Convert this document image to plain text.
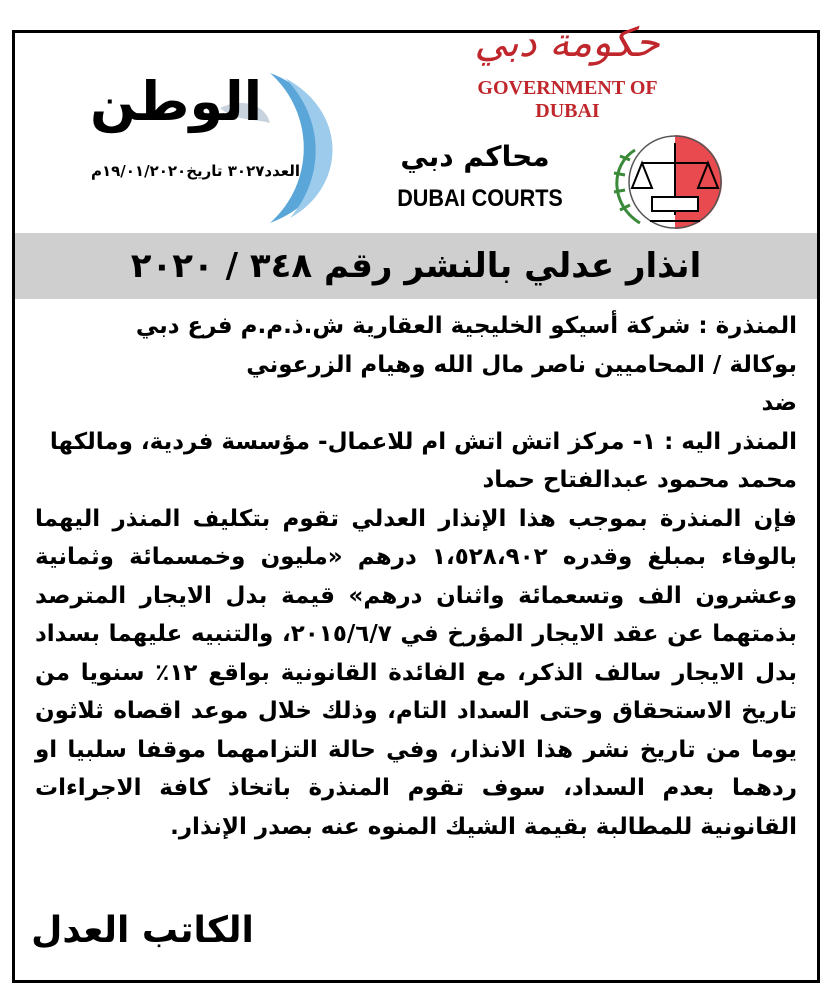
الوطن
العدد٣٠٢٧ تاريخ١٩/٠١/٢٠٢٠م
حكومة دبي
GOVERNMENT OF DUBAI
محاكم دبي
DUBAI COURTS
انذار عدلي بالنشر رقم ٣٤٨ / ٢٠٢٠

المنذرة : شركة أسيكو الخليجية العقارية ش.ذ.م.م فرع دبي

بوكالة / المحاميين ناصر مال الله وهيام الزرعوني

ضد

المنذر اليه : ١- مركز اتش اتش ام للاعمال- مؤسسة فردية، ومالكها

محمد محمود عبدالفتاح حماد

فإن المنذرة بموجب هذا الإنذار العدلي تقوم بتكليف المنذر اليهما بالوفاء بمبلغ وقدره ١،٥٢٨،٩٠٢ درهم «مليون وخمسمائة وثمانية وعشرون الف وتسعمائة واثنان درهم» قيمة بدل الايجار المترصد بذمتهما عن عقد الايجار المؤرخ في ٢٠١٥/٦/٧، والتنبيه عليهما بسداد بدل الايجار سالف الذكر، مع الفائدة القانونية بواقع ١٢٪ سنويا من تاريخ الاستحقاق وحتى السداد التام، وذلك خلال موعد اقصاه ثلاثون يوما من تاريخ نشر هذا الانذار، وفي حالة التزامهما موقفا سلبيا او ردهما بعدم السداد، سوف تقوم المنذرة باتخاذ كافة الاجراءات القانونية للمطالبة بقيمة الشيك المنوه عنه بصدر الإنذار.

الكاتب العدل
